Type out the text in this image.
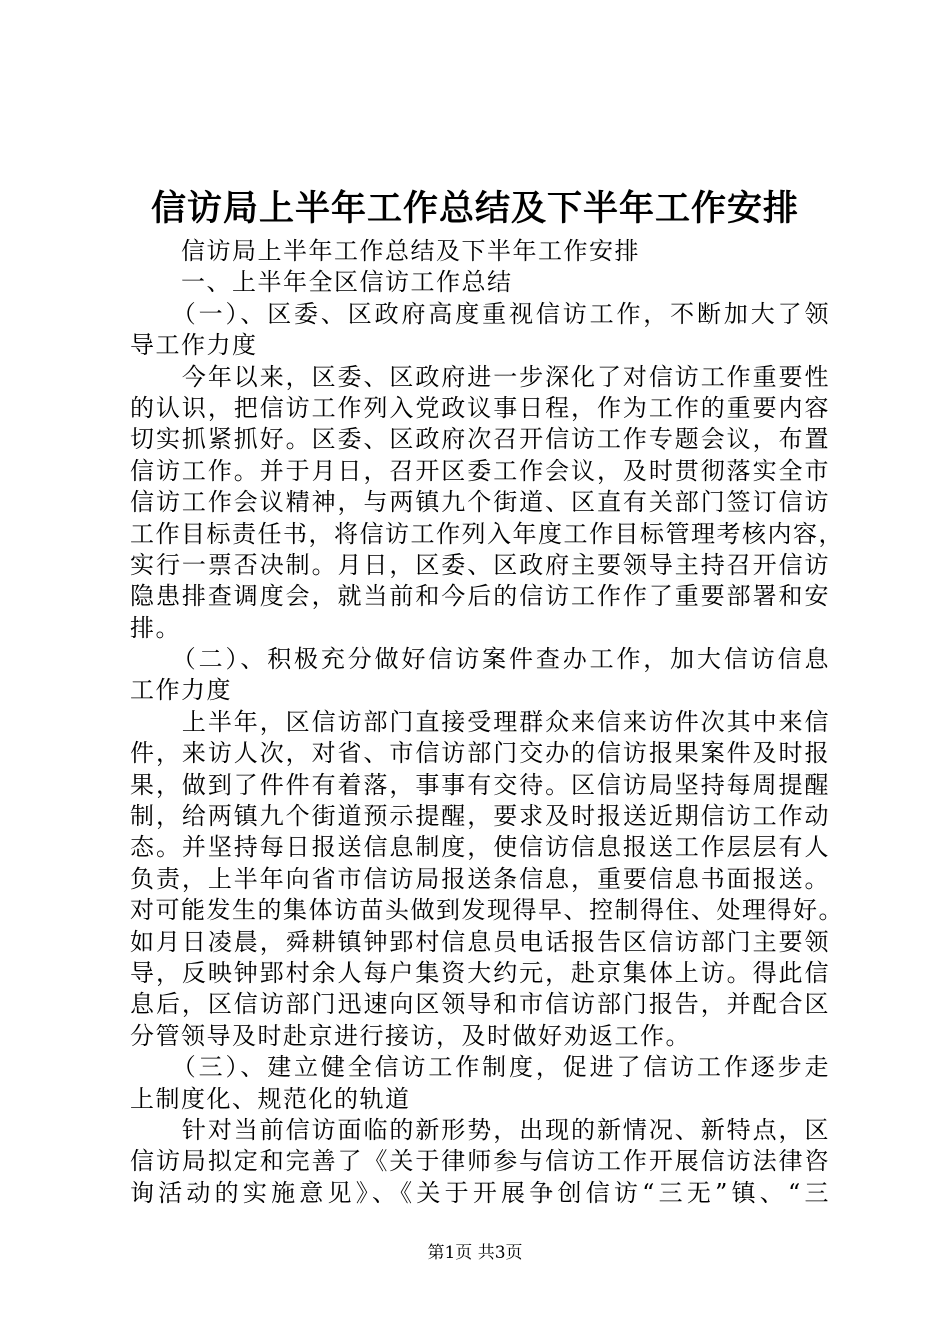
信访局上半年工作总结及下半年工作安排
　　信访局上半年工作总结及下半年工作安排
　　一、上半年全区信访工作总结
　　（一）、区委、区政府高度重视信访工作，不断加大了领
导工作力度
　　今年以来，区委、区政府进一步深化了对信访工作重要性
的认识，把信访工作列入党政议事日程，作为工作的重要内容
切实抓紧抓好。区委、区政府次召开信访工作专题会议，布置
信访工作。并于月日，召开区委工作会议，及时贯彻落实全市
信访工作会议精神，与两镇九个街道、区直有关部门签订信访
工作目标责任书，将信访工作列入年度工作目标管理考核内容，
实行一票否决制。月日，区委、区政府主要领导主持召开信访
隐患排查调度会，就当前和今后的信访工作作了重要部署和安
排。
　　（二）、积极充分做好信访案件查办工作，加大信访信息
工作力度
　　上半年，区信访部门直接受理群众来信来访件次其中来信
件，来访人次，对省、市信访部门交办的信访报果案件及时报
果，做到了件件有着落，事事有交待。区信访局坚持每周提醒
制，给两镇九个街道预示提醒，要求及时报送近期信访工作动
态。并坚持每日报送信息制度，使信访信息报送工作层层有人
负责，上半年向省市信访局报送条信息，重要信息书面报送。
对可能发生的集体访苗头做到发现得早、控制得住、处理得好。
如月日凌晨，舜耕镇钟郢村信息员电话报告区信访部门主要领
导，反映钟郢村余人每户集资大约元，赴京集体上访。得此信
息后，区信访部门迅速向区领导和市信访部门报告，并配合区
分管领导及时赴京进行接访，及时做好劝返工作。
　　（三）、建立健全信访工作制度，促进了信访工作逐步走
上制度化、规范化的轨道
　　针对当前信访面临的新形势，出现的新情况、新特点，区
信访局拟定和完善了《关于律师参与信访工作开展信访法律咨
询活动的实施意见》、《关于开展争创信访“三无”镇、“三
第1页 共3页
